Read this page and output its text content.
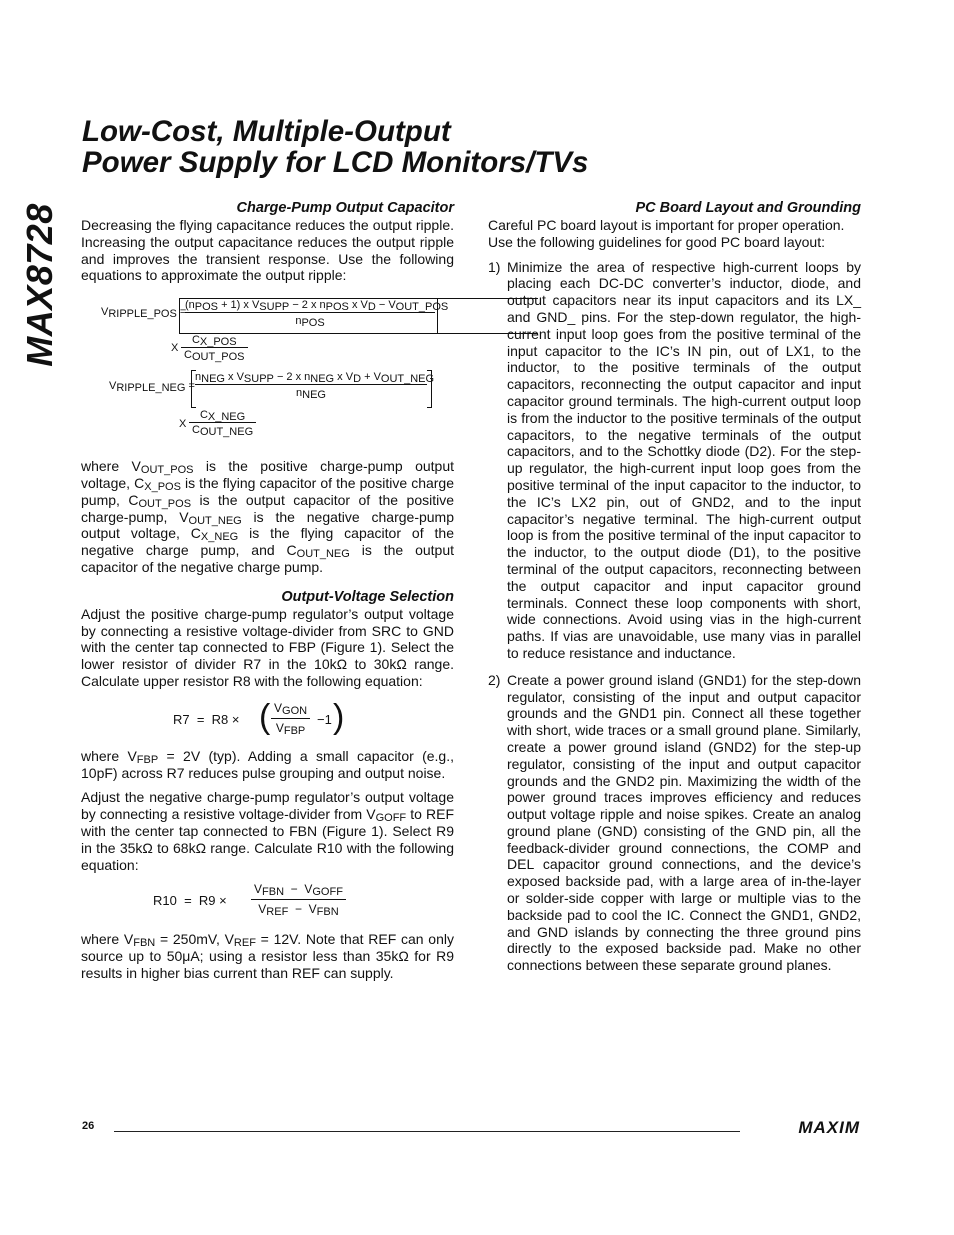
MAX8728
Low-Cost, Multiple-Output
Power Supply for LCD Monitors/TVs
Charge-Pump Output Capacitor

Decreasing the flying capacitance reduces the output ripple. Increasing the output capacitance reduces the output ripple and improves the transient response. Use the following equations to approximate the output ripple:

$V_{RIPPLE\_POS}$ =
$(n_{POS} + 1)$ x $V_{SUPP} - 2$ x $n_{POS}$ x $V_D - V_{OUT\_POS}$
$n_{POS}$
X
$C_{X\_POS}$
$C_{OUT\_POS}$
$V_{RIPPLE\_NEG}$ =
$n_{NEG}$ x $V_{SUPP} - 2$ x $n_{NEG}$ x $V_D + V_{OUT\_NEG}$
$n_{NEG}$
X
$C_{X\_NEG}$
$C_{OUT\_NEG}$

where $V_{OUT\_POS}$ is the positive charge-pump output voltage, $C_{X\_POS}$ is the flying capacitor of the positive charge pump, $C_{OUT\_POS}$ is the output capacitor of the positive charge-pump, $V_{OUT\_NEG}$ is the negative charge-pump output voltage, $C_{X\_NEG}$ is the flying capacitor of the negative charge pump, and $C_{OUT\_NEG}$ is the output capacitor of the negative charge pump.

Output-Voltage Selection

Adjust the positive charge-pump regulator’s output voltage by connecting a resistive voltage-divider from SRC to GND with the center tap connected to FBP (Figure 1). Select the lower resistor of divider R7 in the 10kΩ to 30kΩ range. Calculate upper resistor R8 with the following equation:

R7  =  R8 × ( $V_{GON}$
$V_{FBP}$
−1 )

where $V_{FBP} = 2V$ (typ). Adding a small capacitor (e.g., 10pF) across R7 reduces pulse grouping and output noise.

Adjust the negative charge-pump regulator’s output voltage by connecting a resistive voltage-divider from $V_{GOFF}$ to REF with the center tap connected to FBN (Figure 1). Select R9 in the 35kΩ to 68kΩ range. Calculate R10 with the following equation:

R10  =  R9 ×
$V_{FBN} - V_{GOFF}$
$V_{REF} - V_{FBN}$

where $V_{FBN} = 250mV$, $V_{REF} = 12V$. Note that REF can only source up to 50μA; using a resistor less than 35kΩ for R9 results in higher bias current than REF can supply.

PC Board Layout and Grounding

Careful PC board layout is important for proper operation. Use the following guidelines for good PC board layout:

1) Minimize the area of respective high-current loops by placing each DC-DC converter’s inductor, diode, and output capacitors near its input capacitors and its LX_ and GND_ pins. For the step-down regulator, the high-current input loop goes from the positive terminal of the input capacitor to the IC’s IN pin, out of LX1, to the inductor, to the positive terminals of the output capacitors, reconnecting the output capacitor and input capacitor ground terminals. The high-current output loop is from the inductor to the positive terminals of the output capacitors, to the negative terminals of the output capacitors, and to the Schottky diode (D2). For the step-up regulator, the high-current input loop goes from the positive terminal of the input capacitor to the inductor, to the IC’s LX2 pin, out of GND2, and to the input capacitor’s negative terminal. The high-current output loop is from the positive terminal of the input capacitor to the inductor, to the output diode (D1), to the positive terminal of the output capacitors, reconnecting between the output capacitor and input capacitor ground terminals. Connect these loop components with short, wide connections. Avoid using vias in the high-current paths. If vias are unavoidable, use many vias in parallel to reduce resistance and inductance.
2) Create a power ground island (GND1) for the step-down regulator, consisting of the input and output capacitor grounds and the GND1 pin. Connect all these together with short, wide traces or a small ground plane. Similarly, create a power ground island (GND2) for the step-up regulator, consisting of the input and output capacitor grounds and the GND2 pin. Maximizing the width of the power ground traces improves efficiency and reduces output voltage ripple and noise spikes. Create an analog ground plane (GND) consisting of the GND pin, all the feedback-divider ground connections, the COMP and DEL capacitor ground connections, and the device’s exposed backside pad, with a large area of in-the-layer or solder-side copper with large or multiple vias to the backside pad to cool the IC. Connect the GND1, GND2, and GND islands by connecting the three ground pins directly to the exposed backside pad. Make no other connections between these separate ground planes.
26	MAXIM
